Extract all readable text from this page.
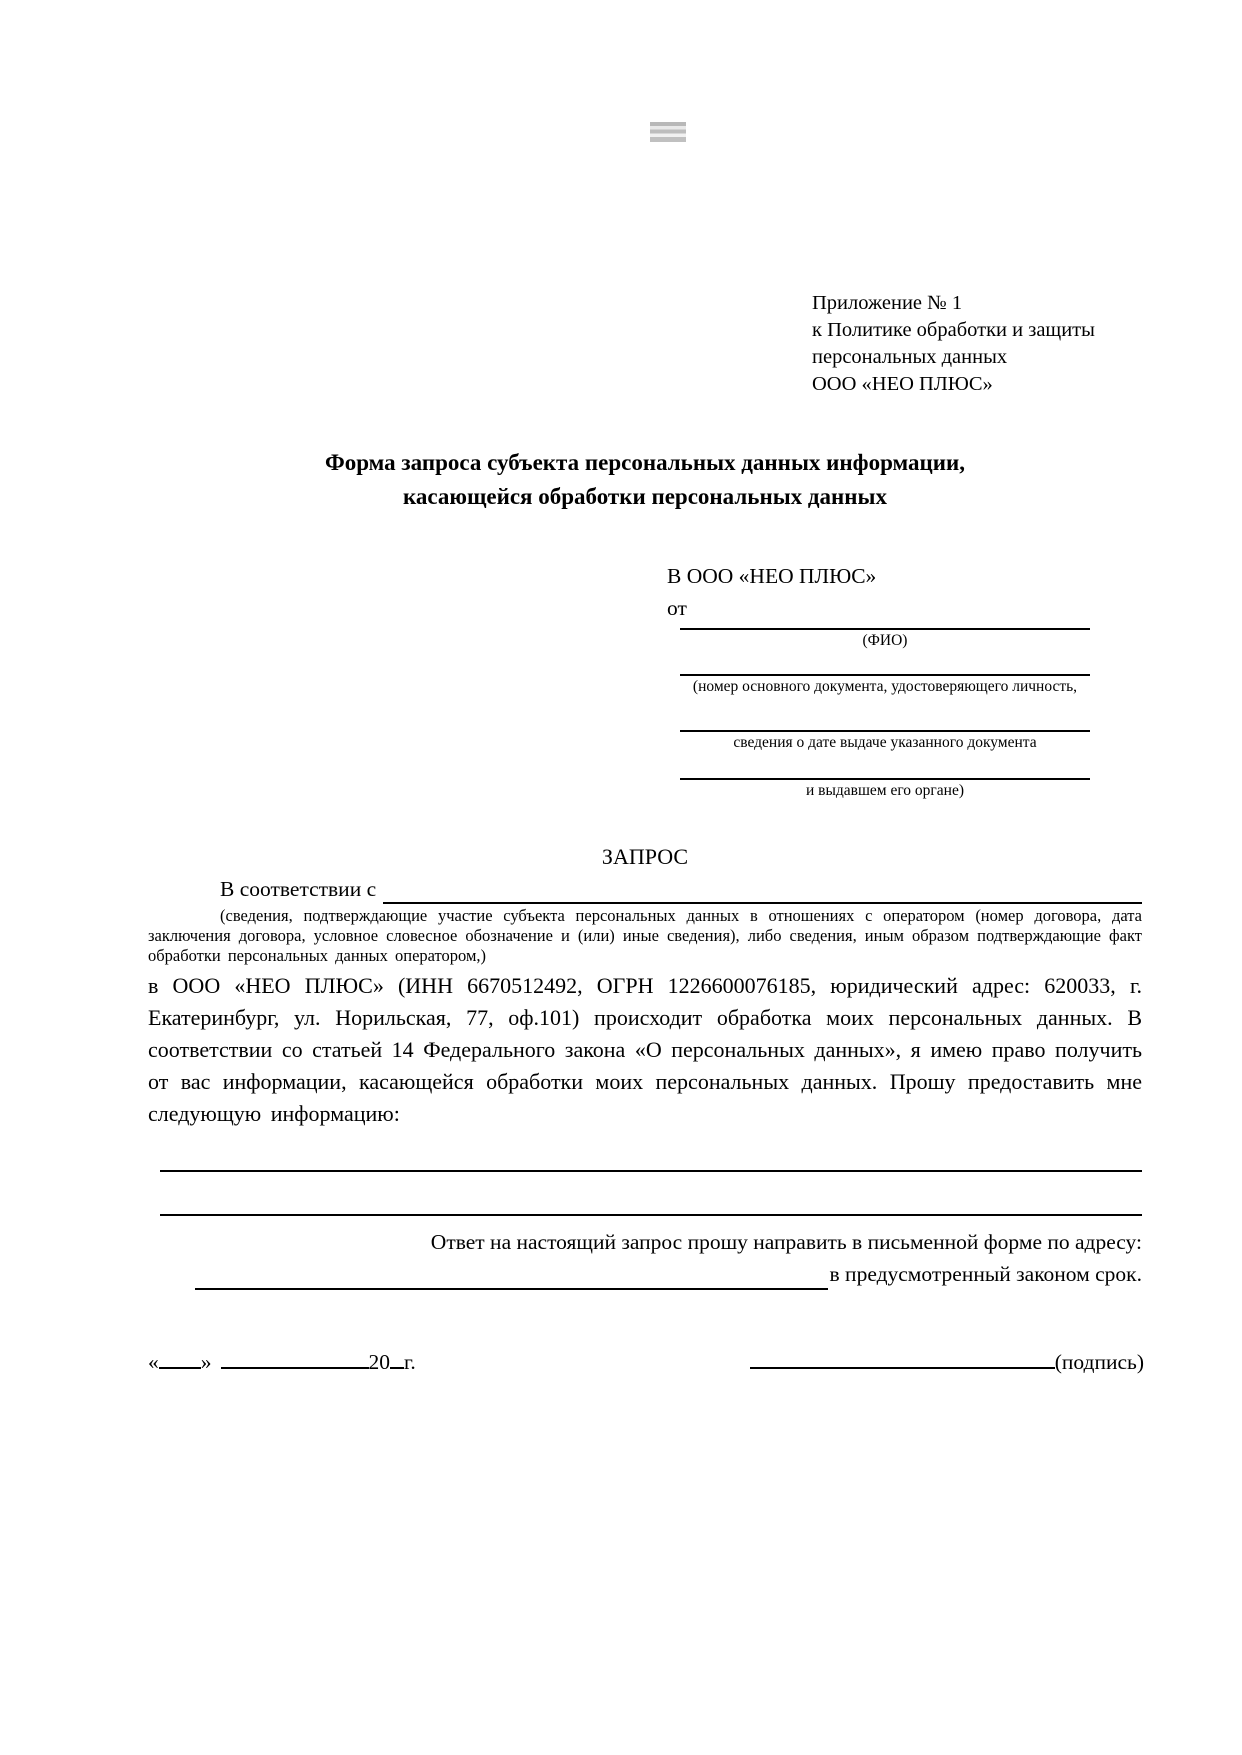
Приложение № 1
к Политике обработки и защиты
персональных данных
ООО «НЕО ПЛЮС»
Форма запроса субъекта персональных данных информации,
касающейся обработки персональных данных
В ООО «НЕО ПЛЮС»
от
(ФИО)
(номер основного документа, удостоверяющего личность,
сведения о дате выдаче указанного документа
и выдавшем его органе)
ЗАПРОС
В соответствии с

(сведения, подтверждающие участие субъекта персональных данных в отношениях с оператором (номер договора, дата заключения договора, условное словесное обозначение и (или) иные сведения), либо сведения, иным образом подтверждающие факт обработки персональных данных оператором,)

в ООО «НЕО ПЛЮС» (ИНН 6670512492, ОГРН 1226600076185, юридический адрес: 620033, г. Екатеринбург, ул. Норильская, 77, оф.101) происходит обработка моих персональных данных. В соответствии со статьей 14 Федерального закона «О персональных данных», я имею право получить от вас информации, касающейся обработки моих персональных данных. Прошу предоставить мне следующую информацию:

Ответ на настоящий запрос прошу направить в письменной форме по адресу:
в предусмотренный законом срок.
« »	20 г.	(подпись)
